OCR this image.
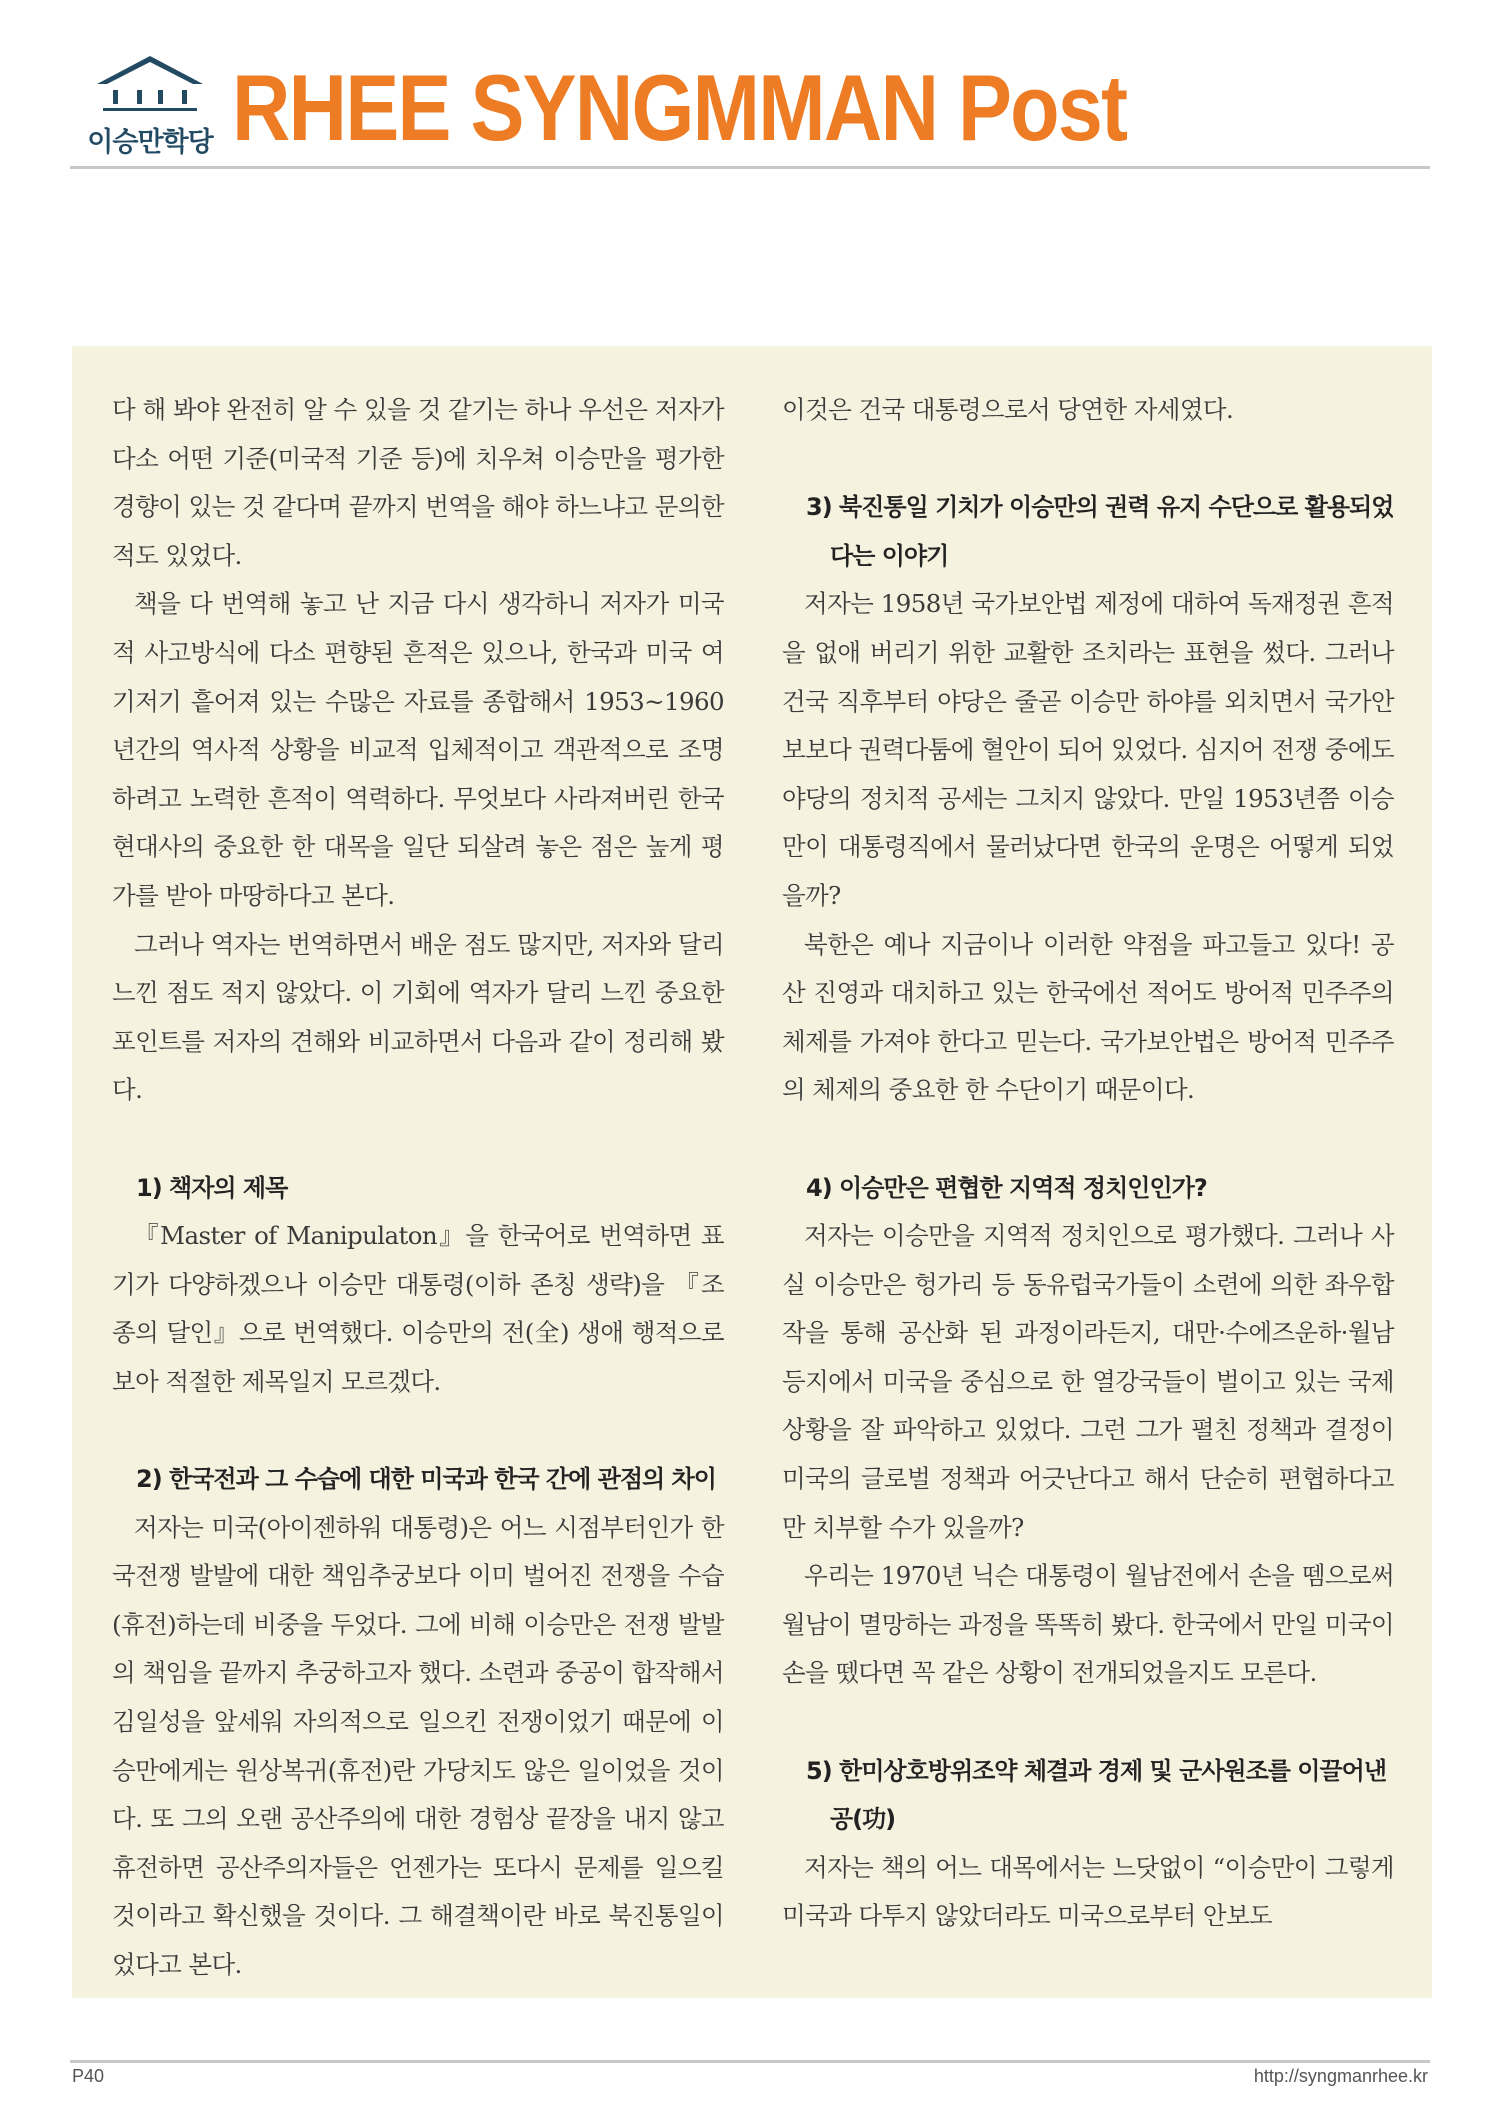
이승만학당 RHEE SYNGMMAN Post

다 해 봐야 완전히 알 수 있을 것 같기는 하나 우선은 저자가 다소 어떤 기준(미국적 기준 등)에 치우쳐 이승만을 평가한 경향이 있는 것 같다며 끝까지 번역을 해야 하느냐고 문의한 적도 있었다.

책을 다 번역해 놓고 난 지금 다시 생각하니 저자가 미국적 사고방식에 다소 편향된 흔적은 있으나, 한국과 미국 여기저기 흩어져 있는 수많은 자료를 종합해서 1953~1960년간의 역사적 상황을 비교적 입체적이고 객관적으로 조명하려고 노력한 흔적이 역력하다. 무엇보다 사라져버린 한국 현대사의 중요한 한 대목을 일단 되살려 놓은 점은 높게 평가를 받아 마땅하다고 본다.

그러나 역자는 번역하면서 배운 점도 많지만, 저자와 달리 느낀 점도 적지 않았다. 이 기회에 역자가 달리 느낀 중요한 포인트를 저자의 견해와 비교하면서 다음과 같이 정리해 봤다.

1) 책자의 제목

『Master of Manipulaton』을 한국어로 번역하면 표기가 다양하겠으나 이승만 대통령(이하 존칭 생략)을 『조종의 달인』으로 번역했다. 이승만의 전(全) 생애 행적으로 보아 적절한 제목일지 모르겠다.

2) 한국전과 그 수습에 대한 미국과 한국 간에 관점의 차이

저자는 미국(아이젠하워 대통령)은 어느 시점부터인가 한국전쟁 발발에 대한 책임추궁보다 이미 벌어진 전쟁을 수습(휴전)하는데 비중을 두었다. 그에 비해 이승만은 전쟁 발발의 책임을 끝까지 추궁하고자 했다. 소련과 중공이 합작해서 김일성을 앞세워 자의적으로 일으킨 전쟁이었기 때문에 이승만에게는 원상복귀(휴전)란 가당치도 않은 일이었을 것이다. 또 그의 오랜 공산주의에 대한 경험상 끝장을 내지 않고 휴전하면 공산주의자들은 언젠가는 또다시 문제를 일으킬 것이라고 확신했을 것이다. 그 해결책이란 바로 북진통일이었다고 본다.

이것은 건국 대통령으로서 당연한 자세였다.

3) 북진통일 기치가 이승만의 권력 유지 수단으로 활용되었
다는 이야기

저자는 1958년 국가보안법 제정에 대하여 독재정권 흔적을 없애 버리기 위한 교활한 조치라는 표현을 썼다. 그러나 건국 직후부터 야당은 줄곧 이승만 하야를 외치면서 국가안보보다 권력다툼에 혈안이 되어 있었다. 심지어 전쟁 중에도 야당의 정치적 공세는 그치지 않았다. 만일 1953년쯤 이승만이 대통령직에서 물러났다면 한국의 운명은 어떻게 되었을까?

북한은 예나 지금이나 이러한 약점을 파고들고 있다! 공산 진영과 대치하고 있는 한국에선 적어도 방어적 민주주의 체제를 가져야 한다고 믿는다. 국가보안법은 방어적 민주주의 체제의 중요한 한 수단이기 때문이다.

4) 이승만은 편협한 지역적 정치인인가?

저자는 이승만을 지역적 정치인으로 평가했다. 그러나 사실 이승만은 헝가리 등 동유럽국가들이 소련에 의한 좌우합작을 통해 공산화 된 과정이라든지, 대만·수에즈운하·월남 등지에서 미국을 중심으로 한 열강국들이 벌이고 있는 국제상황을 잘 파악하고 있었다. 그런 그가 펼친 정책과 결정이 미국의 글로벌 정책과 어긋난다고 해서 단순히 편협하다고만 치부할 수가 있을까?

우리는 1970년 닉슨 대통령이 월남전에서 손을 뗌으로써 월남이 멸망하는 과정을 똑똑히 봤다. 한국에서 만일 미국이 손을 뗐다면 꼭 같은 상황이 전개되었을지도 모른다.

5) 한미상호방위조약 체결과 경제 및 군사원조를 이끌어낸
공(功)

저자는 책의 어느 대목에서는 느닷없이 “이승만이 그렇게 미국과 다투지 않았더라도 미국으로부터 안보도

P40	http://syngmanrhee.kr
